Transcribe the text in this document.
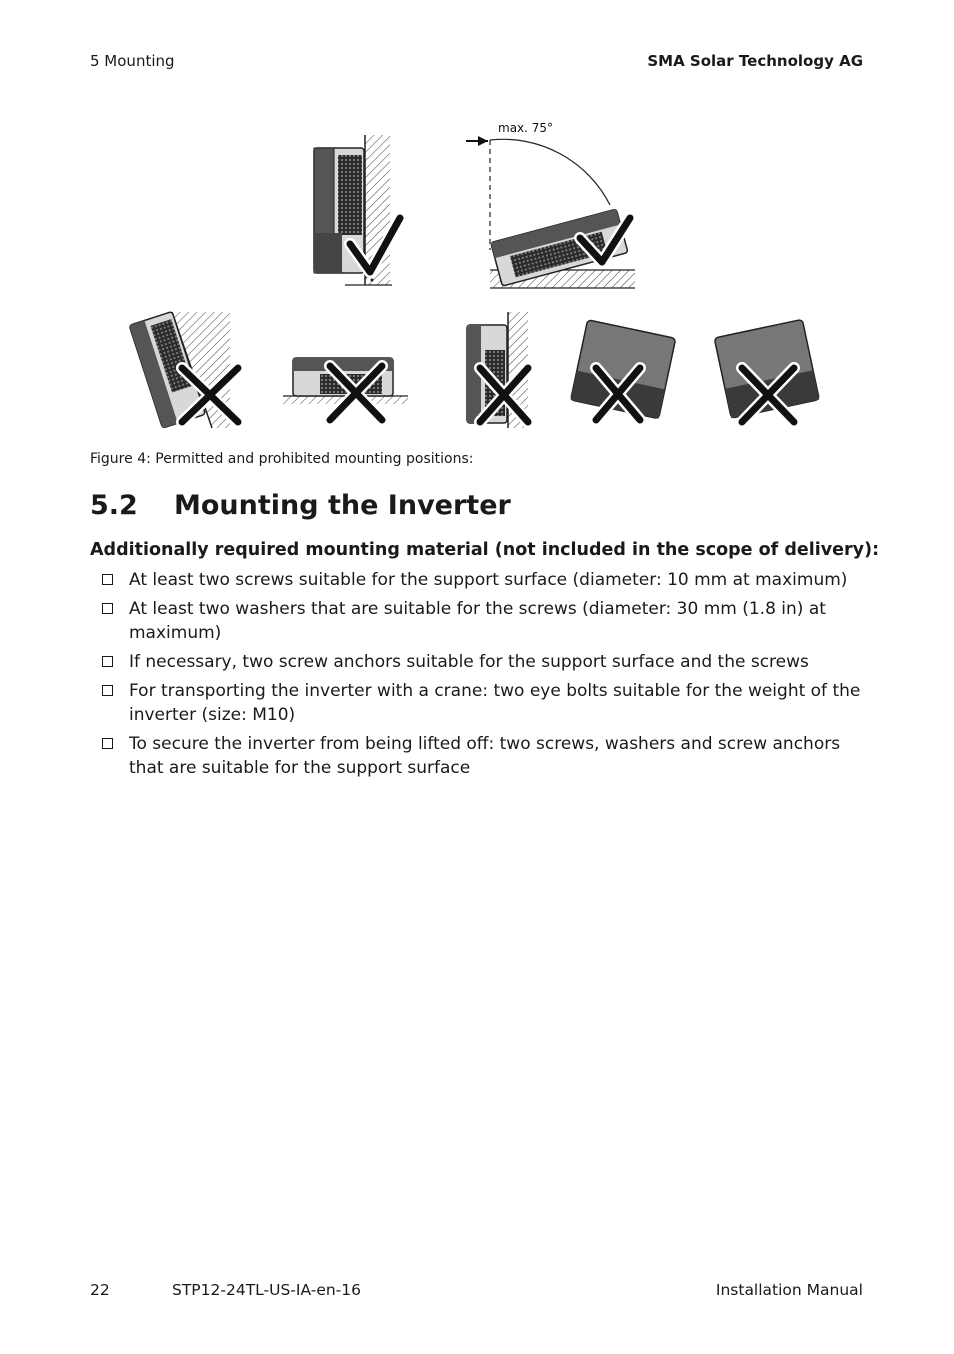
5 Mounting	SMA Solar Technology AG
max. 75°
Figure 4: Permitted and prohibited mounting positions:
5.2 Mounting the Inverter
Additionally required mounting material (not included in the scope of delivery):
At least two screws suitable for the support surface (diameter: 10 mm at maximum)
At least two washers that are suitable for the screws (diameter: 30 mm (1.8 in) at maximum)
If necessary, two screw anchors suitable for the support surface and the screws
For transporting the inverter with a crane: two eye bolts suitable for the weight of the inverter (size: M10)
To secure the inverter from being lifted off: two screws, washers and screw anchors that are suitable for the support surface
22	STP12-24TL-US-IA-en-16	Installation Manual
